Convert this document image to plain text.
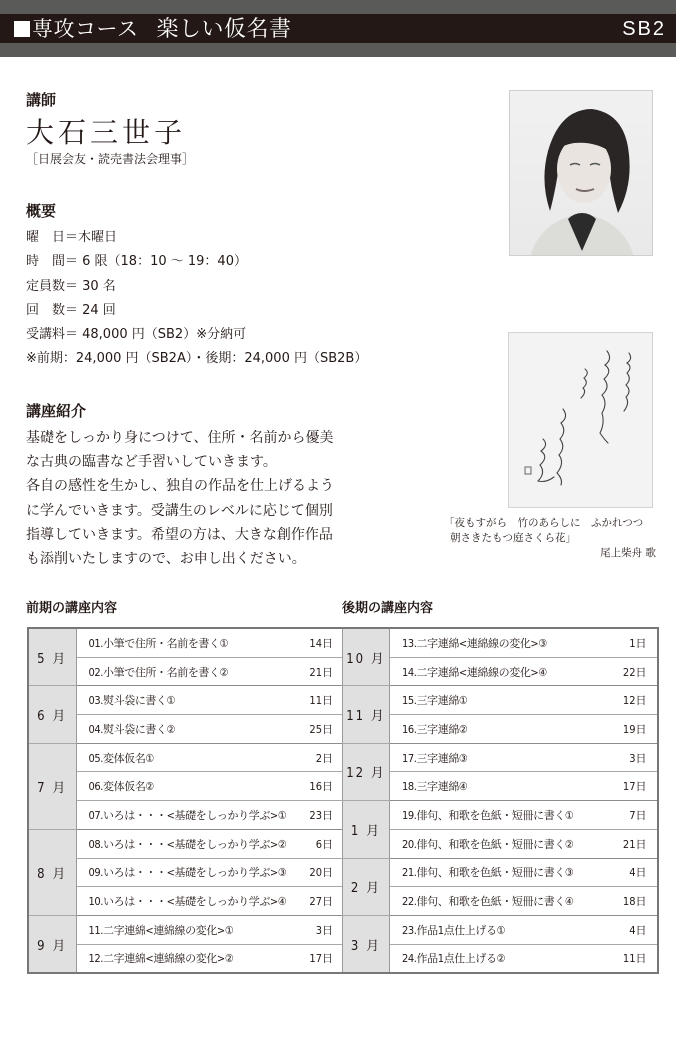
専攻コース 楽しい仮名書	SB2
講師
大石三世子
［日展会友・読売書法会理事］
概要
曜　日＝木曜日
時　間＝ 6 限（18：10 ～ 19：40）
定員数＝ 30 名
回　数＝ 24 回
受講料＝ 48,000 円（SB2）※分納可
※前期：24,000 円（SB2A）・後期：24,000 円（SB2B）
講座紹介
基礎をしっかり身につけて、住所・名前から優美
な古典の臨書など手習いしていきます。
各自の感性を生かし、独自の作品を仕上げるよう
に学んでいきます。受講生のレベルに応じて個別
指導していきます。希望の方は、大きな創作作品
も添削いたしますので、お申し出ください。
「夜もすがら　竹のあらしに　ふかれつつ
朝さきたもつ庭さくら花」
尾上柴舟 歌
前期の講座内容	後期の講座内容
5 月	01.小筆で住所・名前を書く①	14日
	02.小筆で住所・名前を書く②	21日
6 月	03.熨斗袋に書く①	11日
	04.熨斗袋に書く②	25日
7 月	05.変体仮名①	2日
	06.変体仮名②	16日
	07.いろは・・・<基礎をしっかり学ぶ>①	23日
8 月	08.いろは・・・<基礎をしっかり学ぶ>②	6日
	09.いろは・・・<基礎をしっかり学ぶ>③	20日
	10.いろは・・・<基礎をしっかり学ぶ>④	27日
9 月	11.二字連綿<連綿線の変化>①	3日
	12.二字連綿<連綿線の変化>②	17日
10 月	13.二字連綿<連綿線の変化>③	1日
	14.二字連綿<連綿線の変化>④	22日
11 月	15.三字連綿①	12日
	16.三字連綿②	19日
12 月	17.三字連綿③	3日
	18.三字連綿④	17日
1 月	19.俳句、和歌を色紙・短冊に書く①	7日
	20.俳句、和歌を色紙・短冊に書く②	21日
2 月	21.俳句、和歌を色紙・短冊に書く③	4日
	22.俳句、和歌を色紙・短冊に書く④	18日
3 月	23.作品1点仕上げる①	4日
	24.作品1点仕上げる②	11日
